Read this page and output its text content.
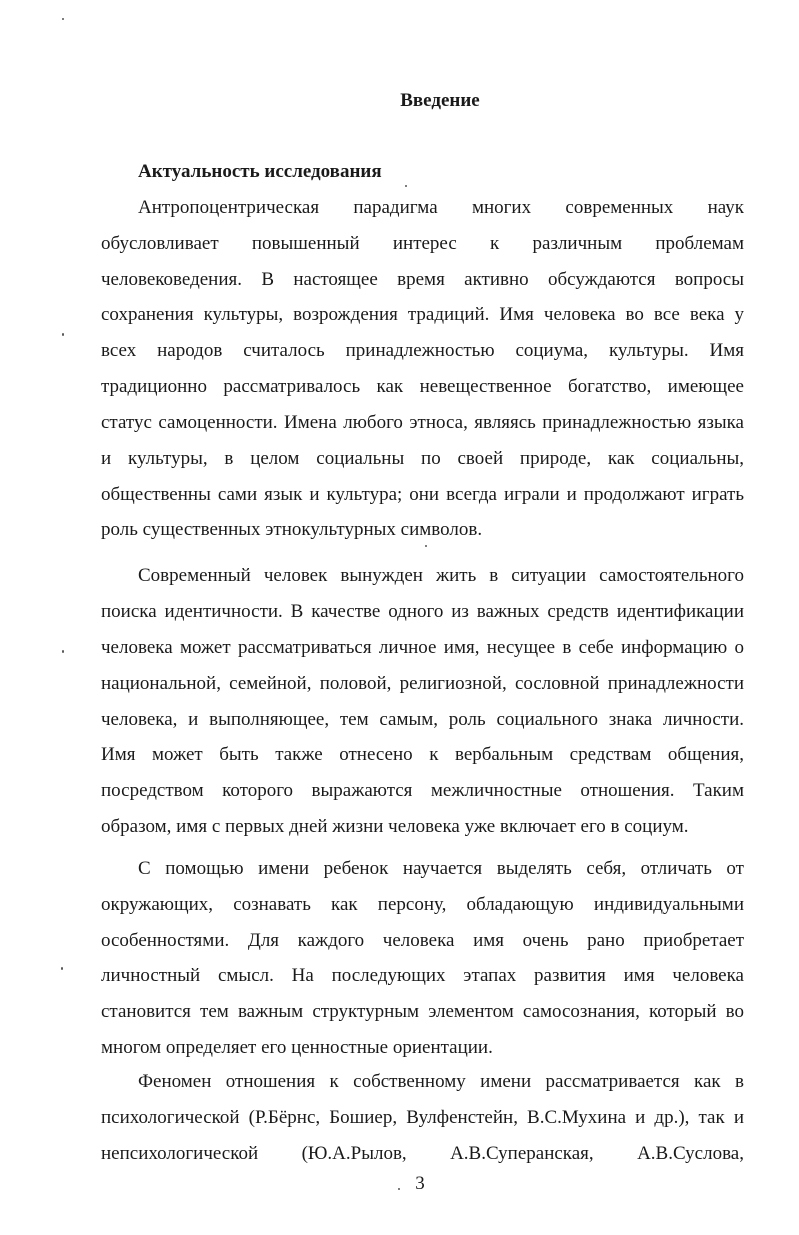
Введение
Актуальность исследования

Антропоцентрическая парадигма многих современных наук

обусловливает повышенный интерес к различным проблемам

человековедения. В настоящее время активно обсуждаются вопросы

сохранения культуры, возрождения традиций. Имя человека во все века у

всех народов считалось принадлежностью социума, культуры. Имя

традиционно рассматривалось как невещественное богатство, имеющее

статус самоценности. Имена любого этноса, являясь принадлежностью языка

и культуры, в целом социальны по своей природе, как социальны,

общественны сами язык и культура; они всегда играли и продолжают играть

роль существенных этнокультурных символов.

Современный человек вынужден жить в ситуации самостоятельного

поиска идентичности. В качестве одного из важных средств идентификации

человека может рассматриваться личное имя, несущее в себе информацию о

национальной, семейной, половой, религиозной, сословной принадлежности

человека, и выполняющее, тем самым, роль социального знака личности.

Имя может быть также отнесено к вербальным средствам общения,

посредством которого выражаются межличностные отношения. Таким

образом, имя с первых дней жизни человека уже включает его в социум.

С помощью имени ребенок научается выделять себя, отличать от

окружающих, сознавать как персону, обладающую индивидуальными

особенностями. Для каждого человека имя очень рано приобретает

личностный смысл. На последующих этапах развития имя человека

становится тем важным структурным элементом самосознания, который во

многом определяет его ценностные ориентации.

Феномен отношения к собственному имени рассматривается как в

психологической (Р.Бёрнс, Бошиер, Вулфенстейн, В.С.Мухина и др.), так и

непсихологической (Ю.А.Рылов, А.В.Суперанская, А.В.Суслова,

3
